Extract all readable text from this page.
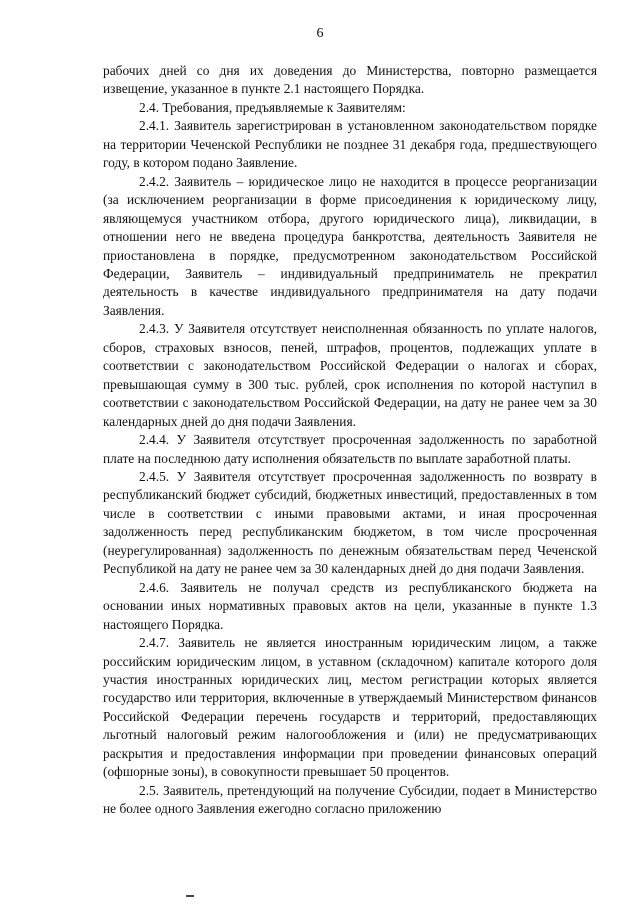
6

рабочих дней со дня их доведения до Министерства, повторно размещается извещение, указанное в пункте 2.1 настоящего Порядка.

2.4. Требования, предъявляемые к Заявителям:

2.4.1. Заявитель зарегистрирован в установленном законодательством порядке на территории Чеченской Республики не позднее 31 декабря года, предшествующего году, в котором подано Заявление.

2.4.2. Заявитель – юридическое лицо не находится в процессе реорганизации (за исключением реорганизации в форме присоединения к юридическому лицу, являющемуся участником отбора, другого юридического лица), ликвидации, в отношении него не введена процедура банкротства, деятельность Заявителя не приостановлена в порядке, предусмотренном законодательством Российской Федерации, Заявитель – индивидуальный предприниматель не прекратил деятельность в качестве индивидуального предпринимателя на дату подачи Заявления.

2.4.3. У Заявителя отсутствует неисполненная обязанность по уплате налогов, сборов, страховых взносов, пеней, штрафов, процентов, подлежащих уплате в соответствии с законодательством Российской Федерации о налогах и сборах, превышающая сумму в 300 тыс. рублей, срок исполнения по которой наступил в соответствии с законодательством Российской Федерации, на дату не ранее чем за 30 календарных дней до дня подачи Заявления.

2.4.4. У Заявителя отсутствует просроченная задолженность по заработной плате на последнюю дату исполнения обязательств по выплате заработной платы.

2.4.5. У Заявителя отсутствует просроченная задолженность по возврату в республиканский бюджет субсидий, бюджетных инвестиций, предоставленных в том числе в соответствии с иными правовыми актами, и иная просроченная задолженность перед республиканским бюджетом, в том числе просроченная (неурегулированная) задолженность по денежным обязательствам перед Чеченской Республикой на дату не ранее чем за 30 календарных дней до дня подачи Заявления.

2.4.6. Заявитель не получал средств из республиканского бюджета на основании иных нормативных правовых актов на цели, указанные в пункте 1.3 настоящего Порядка.

2.4.7. Заявитель не является иностранным юридическим лицом, а также российским юридическим лицом, в уставном (складочном) капитале которого доля участия иностранных юридических лиц, местом регистрации которых является государство или территория, включенные в утверждаемый Министерством финансов Российской Федерации перечень государств и территорий, предоставляющих льготный налоговый режим налогообложения и (или) не предусматривающих раскрытия и предоставления информации при проведении финансовых операций (офшорные зоны), в совокупности превышает 50 процентов.

2.5. Заявитель, претендующий на получение Субсидии, подает в Министерство не более одного Заявления ежегодно согласно приложению
